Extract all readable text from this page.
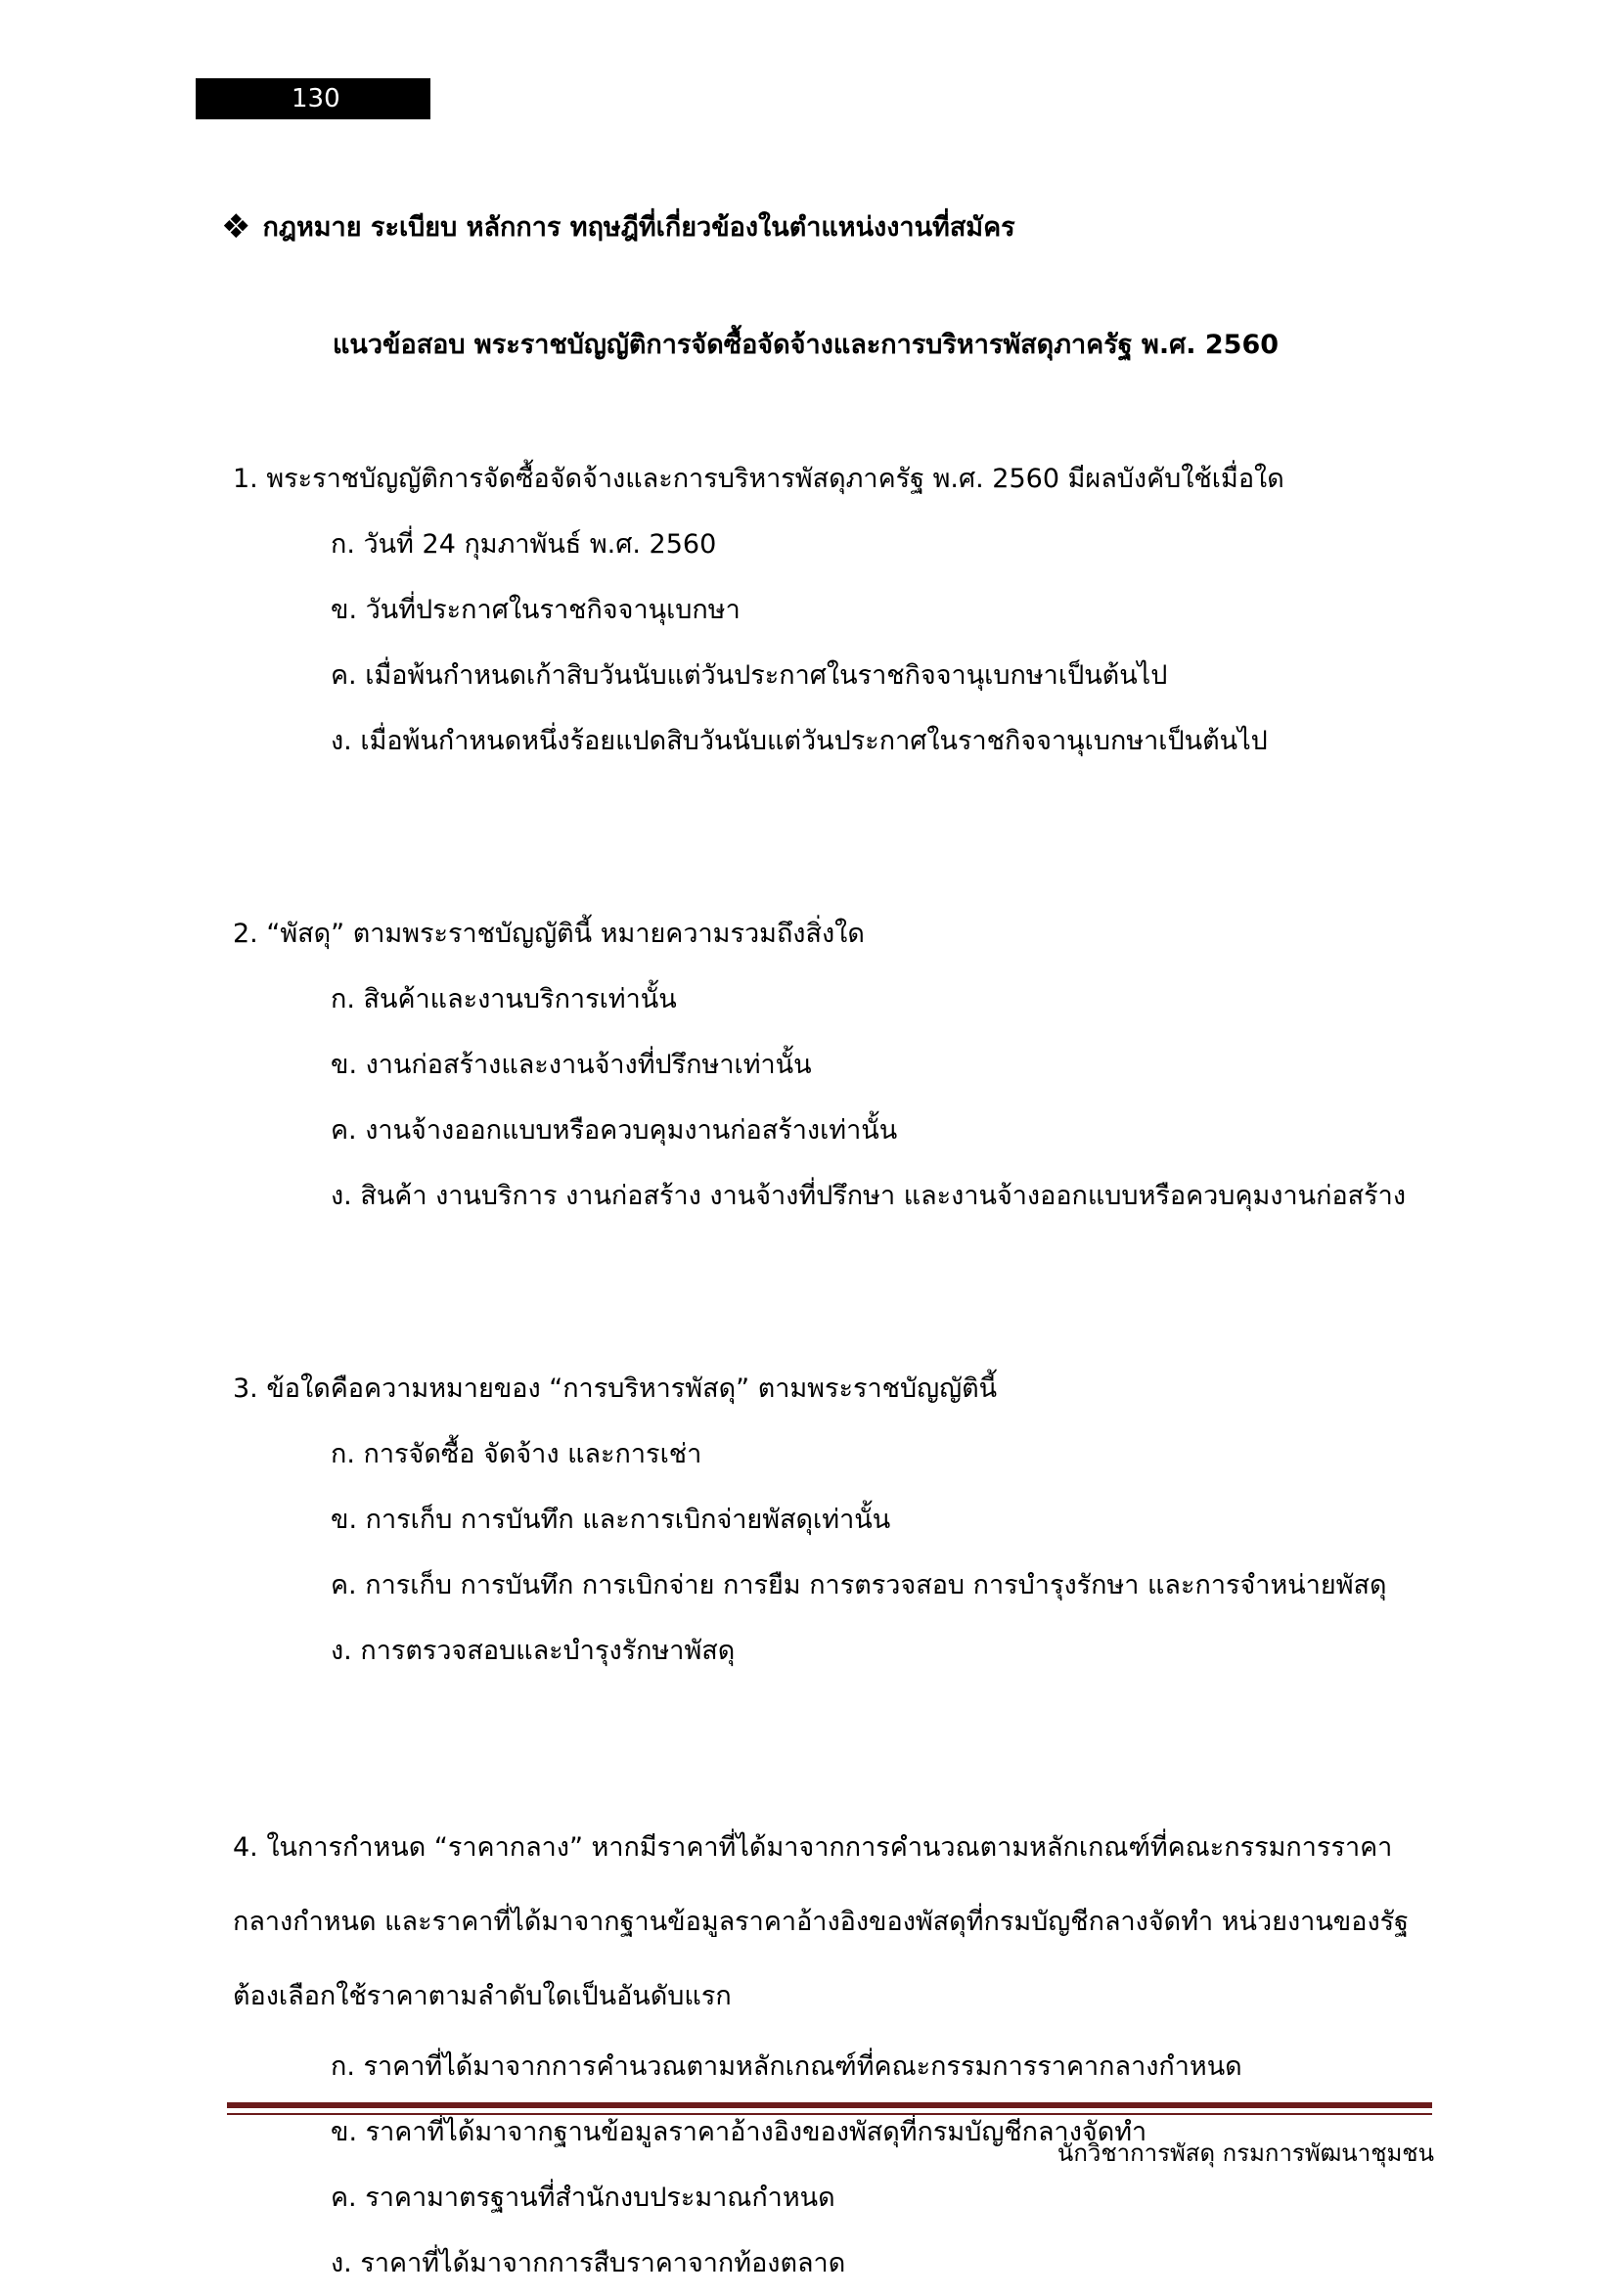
130
❖ กฎหมาย ระเบียบ หลักการ ทฤษฎีที่เกี่ยวข้องในตำแหน่งงานที่สมัคร
แนวข้อสอบ พระราชบัญญัติการจัดซื้อจัดจ้างและการบริหารพัสดุภาครัฐ พ.ศ. 2560

1. พระราชบัญญัติการจัดซื้อจัดจ้างและการบริหารพัสดุภาครัฐ พ.ศ. 2560 มีผลบังคับใช้เมื่อใด

ก. วันที่ 24 กุมภาพันธ์ พ.ศ. 2560

ข. วันที่ประกาศในราชกิจจานุเบกษา

ค. เมื่อพ้นกำหนดเก้าสิบวันนับแต่วันประกาศในราชกิจจานุเบกษาเป็นต้นไป

ง. เมื่อพ้นกำหนดหนึ่งร้อยแปดสิบวันนับแต่วันประกาศในราชกิจจานุเบกษาเป็นต้นไป

2. “พัสดุ” ตามพระราชบัญญัตินี้ หมายความรวมถึงสิ่งใด

ก. สินค้าและงานบริการเท่านั้น

ข. งานก่อสร้างและงานจ้างที่ปรึกษาเท่านั้น

ค. งานจ้างออกแบบหรือควบคุมงานก่อสร้างเท่านั้น

ง. สินค้า งานบริการ งานก่อสร้าง งานจ้างที่ปรึกษา และงานจ้างออกแบบหรือควบคุมงานก่อสร้าง

3. ข้อใดคือความหมายของ “การบริหารพัสดุ” ตามพระราชบัญญัตินี้

ก. การจัดซื้อ จัดจ้าง และการเช่า

ข. การเก็บ การบันทึก และการเบิกจ่ายพัสดุเท่านั้น

ค. การเก็บ การบันทึก การเบิกจ่าย การยืม การตรวจสอบ การบำรุงรักษา และการจำหน่ายพัสดุ

ง. การตรวจสอบและบำรุงรักษาพัสดุ

4. ในการกำหนด “ราคากลาง” หากมีราคาที่ได้มาจากการคำนวณตามหลักเกณฑ์ที่คณะกรรมการราคากลางกำหนด และราคาที่ได้มาจากฐานข้อมูลราคาอ้างอิงของพัสดุที่กรมบัญชีกลางจัดทำ หน่วยงานของรัฐต้องเลือกใช้ราคาตามลำดับใดเป็นอันดับแรก

ก. ราคาที่ได้มาจากการคำนวณตามหลักเกณฑ์ที่คณะกรรมการราคากลางกำหนด

ข. ราคาที่ได้มาจากฐานข้อมูลราคาอ้างอิงของพัสดุที่กรมบัญชีกลางจัดทำ

ค. ราคามาตรฐานที่สำนักงบประมาณกำหนด

ง. ราคาที่ได้มาจากการสืบราคาจากท้องตลาด

นักวิชาการพัสดุ กรมการพัฒนาชุมชน
